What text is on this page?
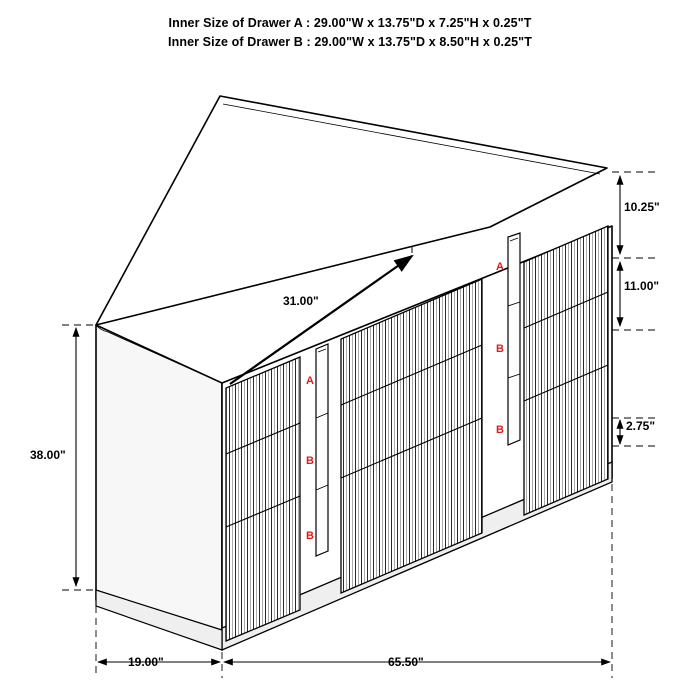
Inner Size of Drawer A : 29.00"W x 13.75"D x 7.25"H x 0.25"T
Inner Size of Drawer B : 29.00"W x 13.75"D x 8.50"H x 0.25"T
10.25"
11.00"
2.75"
31.00"
38.00"
19.00"	65.50"
A
B
B
A
B
B
